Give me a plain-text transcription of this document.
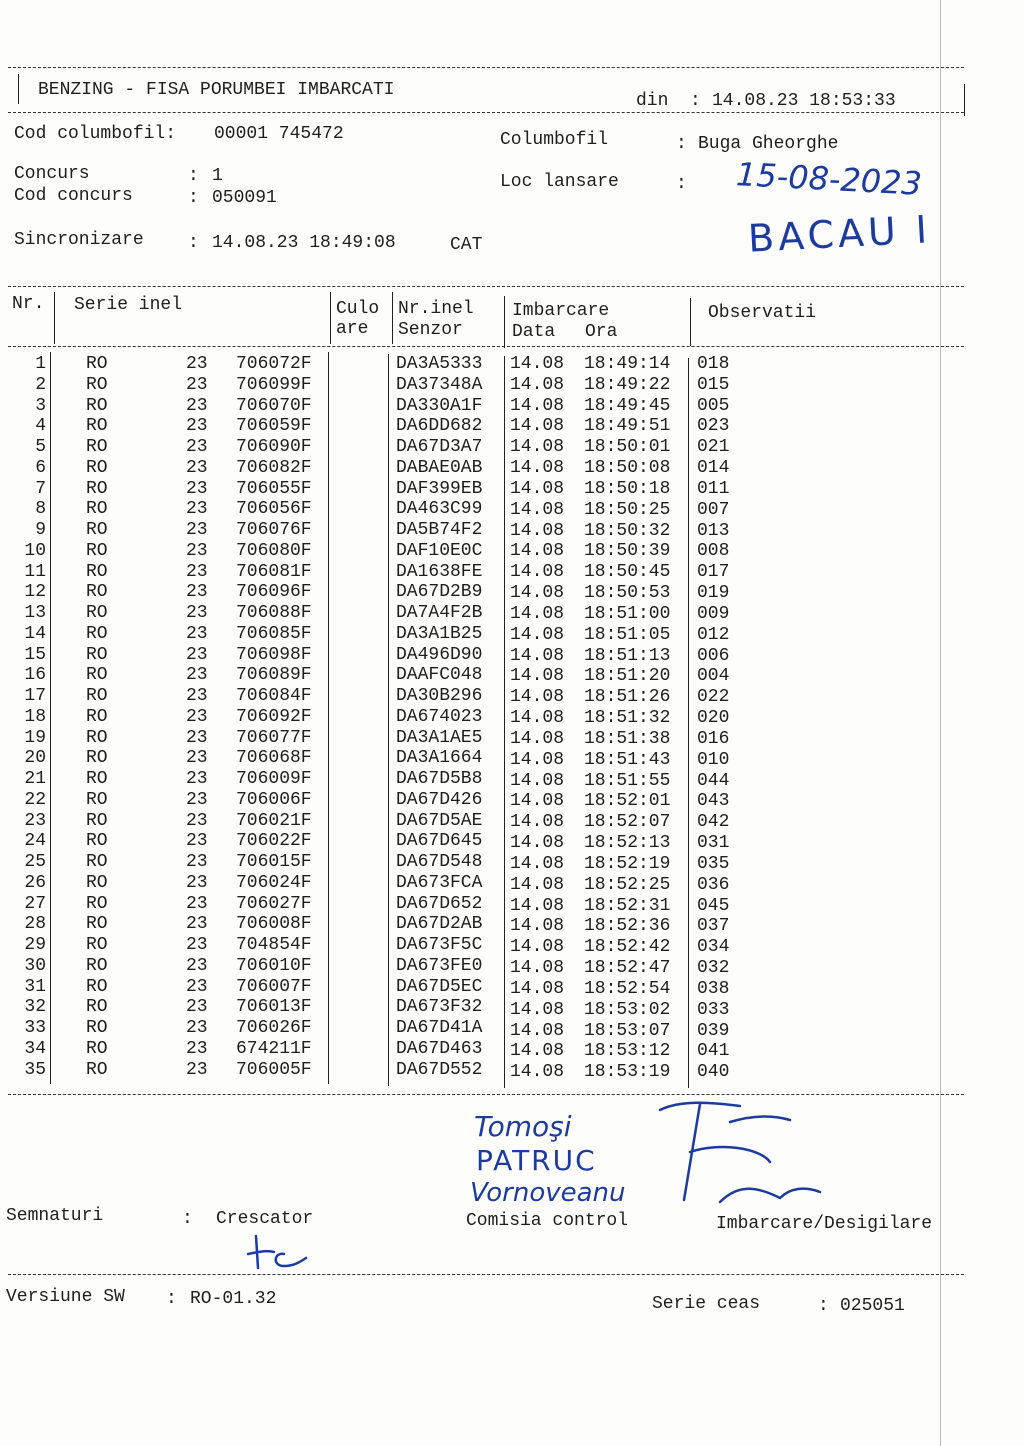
BENZING - FISA PORUMBEI IMBARCATI
din : 14.08.23 18:53:33
Cod columbofil: 00001 745472	Columbofil	: Buga Gheorghe
Concurs	: 1
Cod concurs	: 050091
Loc lansare	: 15-08-2023
BACAU I
Sincronizare : 14.08.23 18:49:08	CAT
Nr. Serie inel	Culo
are
Nr.inel
Senzor
Imbarcare
Data Ora
Observatii
1 RO	23 706072F	DA3A5333 14.08 18:49:14 018
2 RO	23 706099F	DA37348A 14.08 18:49:22 015
3 RO	23 706070F	DA330A1F 14.08 18:49:45 005
4 RO	23 706059F	DA6DD682 14.08 18:49:51 023
5 RO	23 706090F	DA67D3A7 14.08 18:50:01 021
6 RO	23 706082F	DABAE0AB 14.08 18:50:08 014
7 RO	23 706055F	DAF399EB 14.08 18:50:18 011
8 RO	23 706056F	DA463C99 14.08 18:50:25 007
9 RO	23 706076F	DA5B74F2 14.08 18:50:32 013
10 RO	23 706080F	DAF10E0C 14.08 18:50:39 008
11 RO	23 706081F	DA1638FE 14.08 18:50:45 017
12 RO	23 706096F	DA67D2B9 14.08 18:50:53 019
13 RO	23 706088F	DA7A4F2B 14.08 18:51:00 009
14 RO	23 706085F	DA3A1B25 14.08 18:51:05 012
15 RO	23 706098F	DA496D90 14.08 18:51:13 006
16 RO	23 706089F	DAAFC048 14.08 18:51:20 004
17 RO	23 706084F	DA30B296 14.08 18:51:26 022
18 RO	23 706092F	DA674023 14.08 18:51:32 020
19 RO	23 706077F	DA3A1AE5 14.08 18:51:38 016
20 RO	23 706068F	DA3A1664 14.08 18:51:43 010
21 RO	23 706009F	DA67D5B8 14.08 18:51:55 044
22 RO	23 706006F	DA67D426 14.08 18:52:01 043
23 RO	23 706021F	DA67D5AE 14.08 18:52:07 042
24 RO	23 706022F	DA67D645 14.08 18:52:13 031
25 RO	23 706015F	DA67D548 14.08 18:52:19 035
26 RO	23 706024F	DA673FCA 14.08 18:52:25 036
27 RO	23 706027F	DA67D652 14.08 18:52:31 045
28 RO	23 706008F	DA67D2AB 14.08 18:52:36 037
29 RO	23 704854F	DA673F5C 14.08 18:52:42 034
30 RO	23 706010F	DA673FE0 14.08 18:52:47 032
31 RO	23 706007F	DA67D5EC 14.08 18:52:54 038
32 RO	23 706013F	DA673F32 14.08 18:53:02 033
33 RO	23 706026F	DA67D41A 14.08 18:53:07 039
34 RO	23 674211F	DA67D463 14.08 18:53:12 041
35 RO	23 706005F	DA67D552 14.08 18:53:19 040
Tomoşi
PATRUC
Vornoveanu
Semnaturi	: Crescator	Comisia control	Imbarcare/Desigilare
Versiune SW : RO-01.32	Serie ceas	: 025051
